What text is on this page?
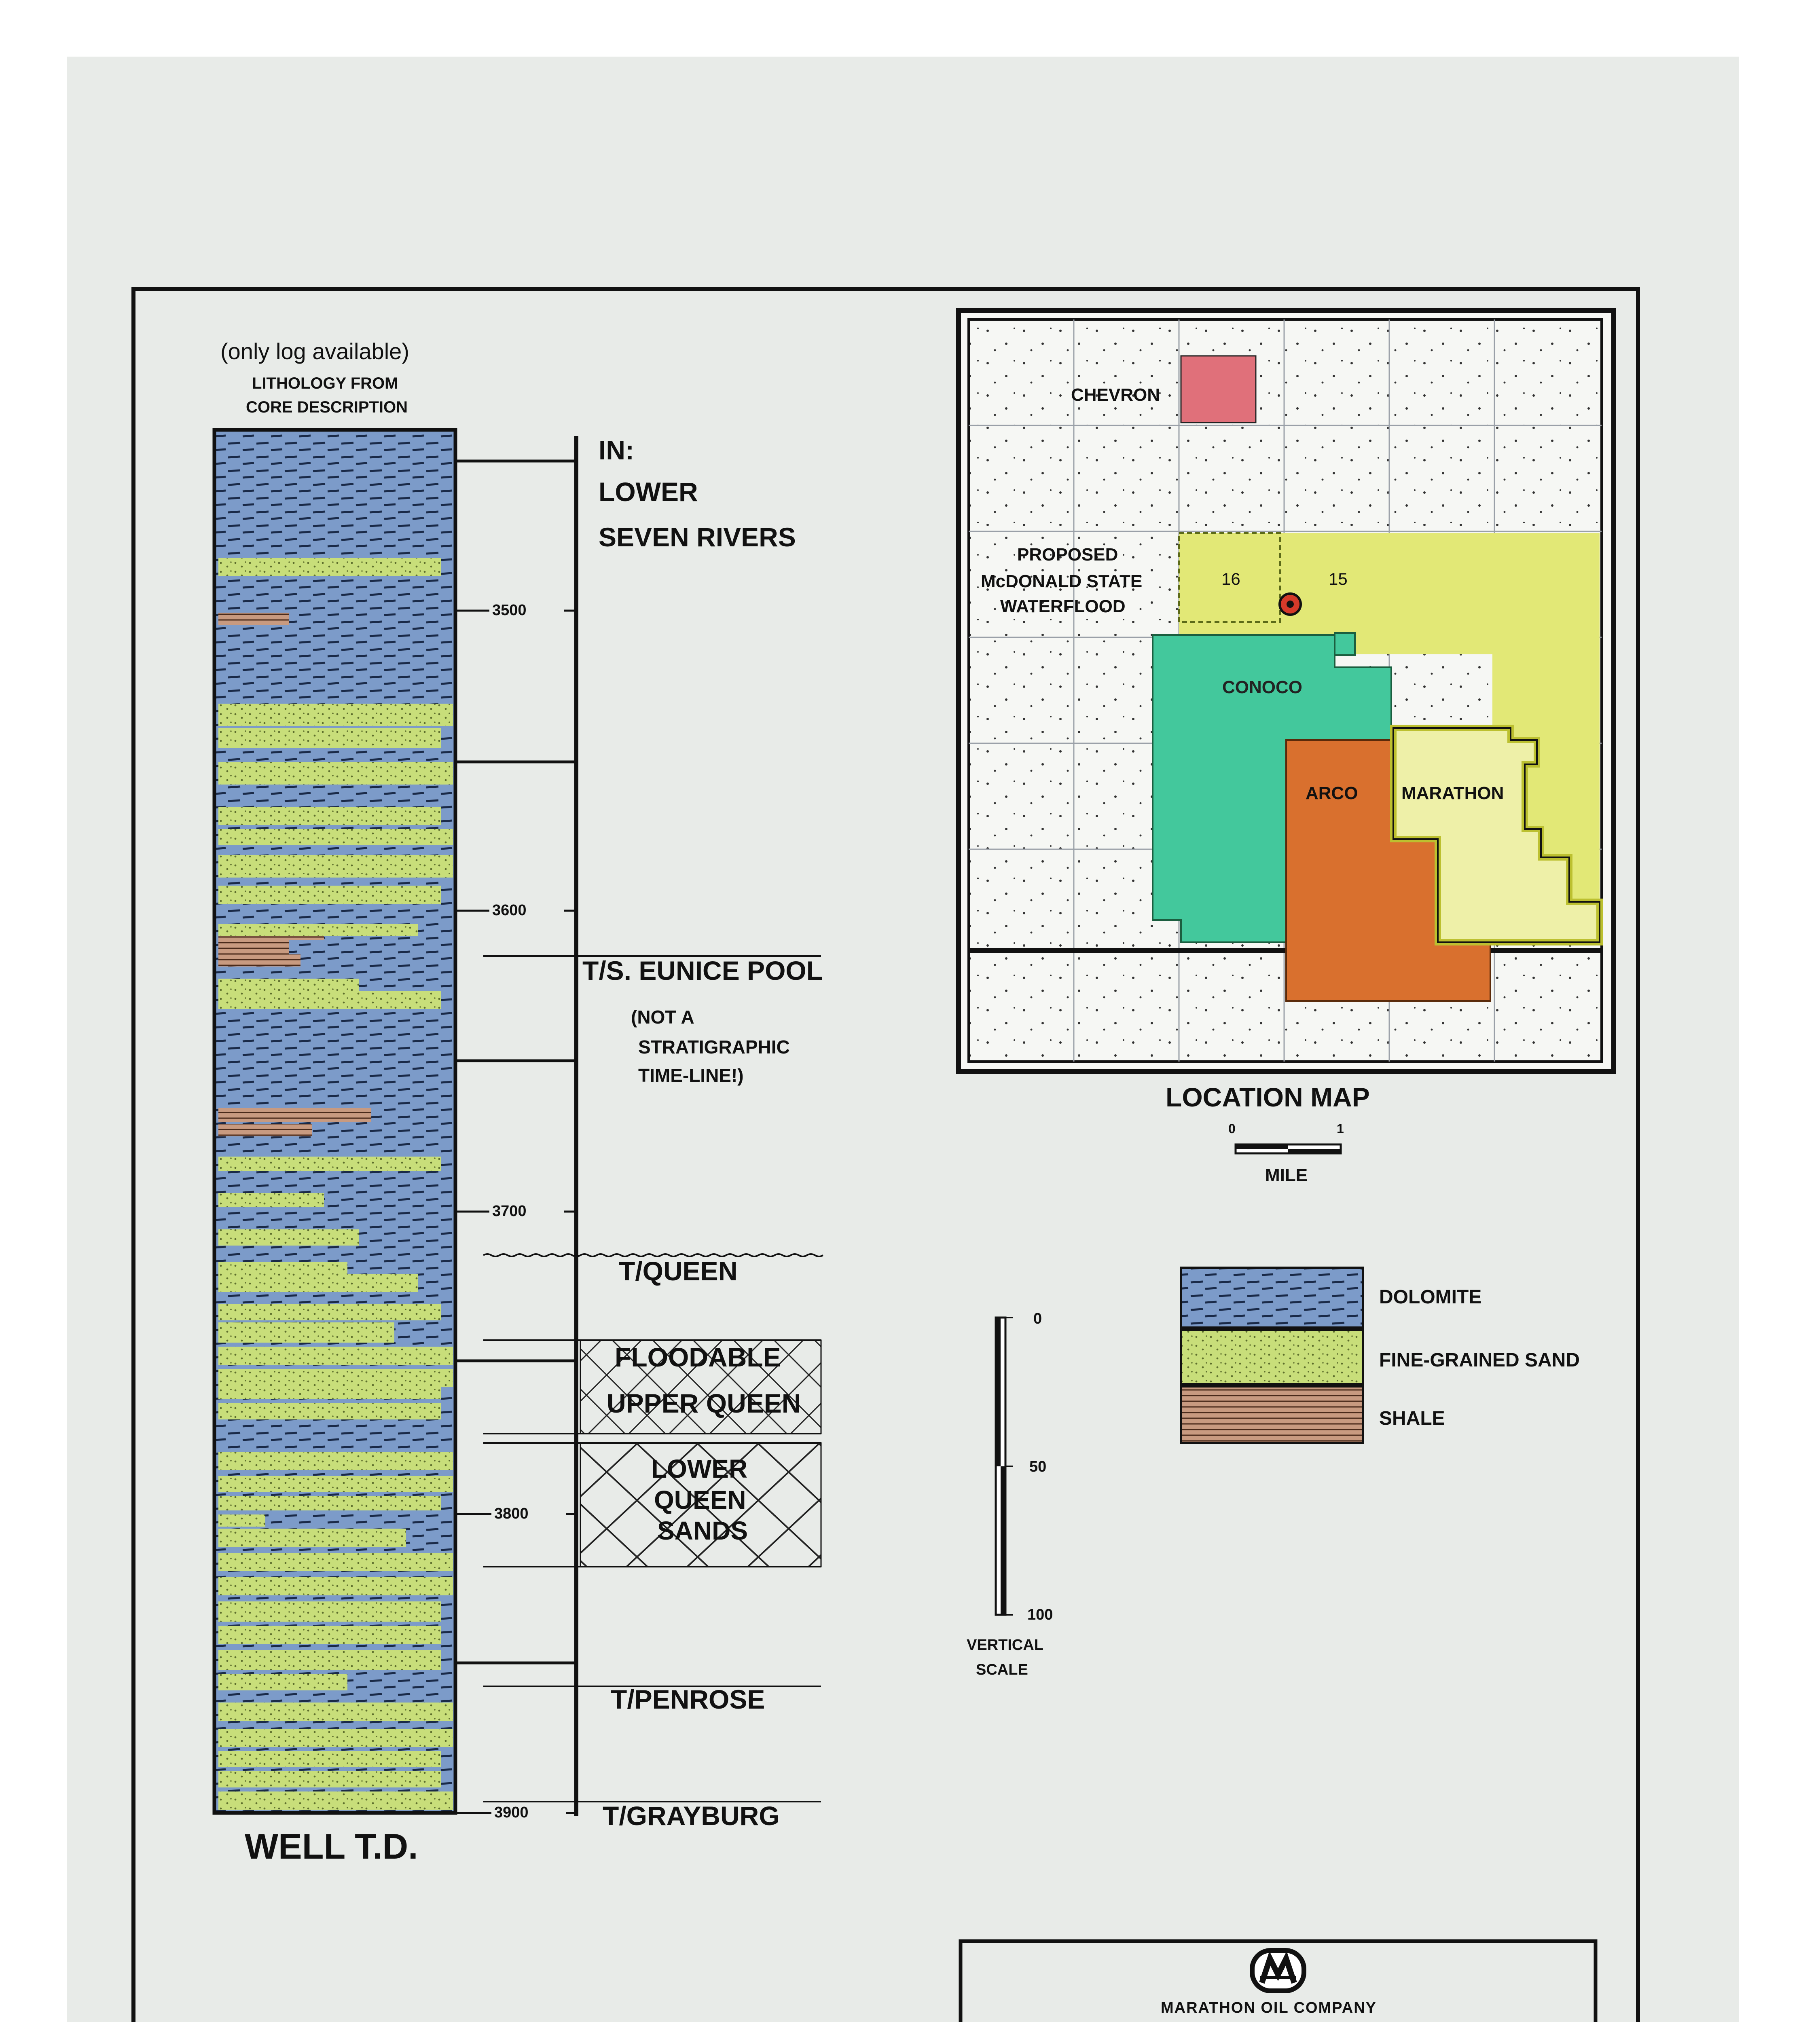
(only log available)
LITHOLOGY FROM
CORE DESCRIPTION
3500
3600
3700
3800
3900
WELL T.D.
IN:
LOWER
SEVEN RIVERS
T/S. EUNICE POOL
(NOT A
STRATIGRAPHIC
TIME-LINE!)
T/QUEEN
FLOODABLE
UPPER QUEEN
LOWER
QUEEN
SANDS
T/PENROSE
T/GRAYBURG
CHEVRON
PROPOSED
McDONALD STATE
WATERFLOOD
16	15
CONOCO
ARCO MARATHON
LOCATION MAP
0	1
MILE
0
50
100
VERTICAL
SCALE
DOLOMITE
FINE-GRAINED SAND
SHALE
MARATHON OIL COMPANY
